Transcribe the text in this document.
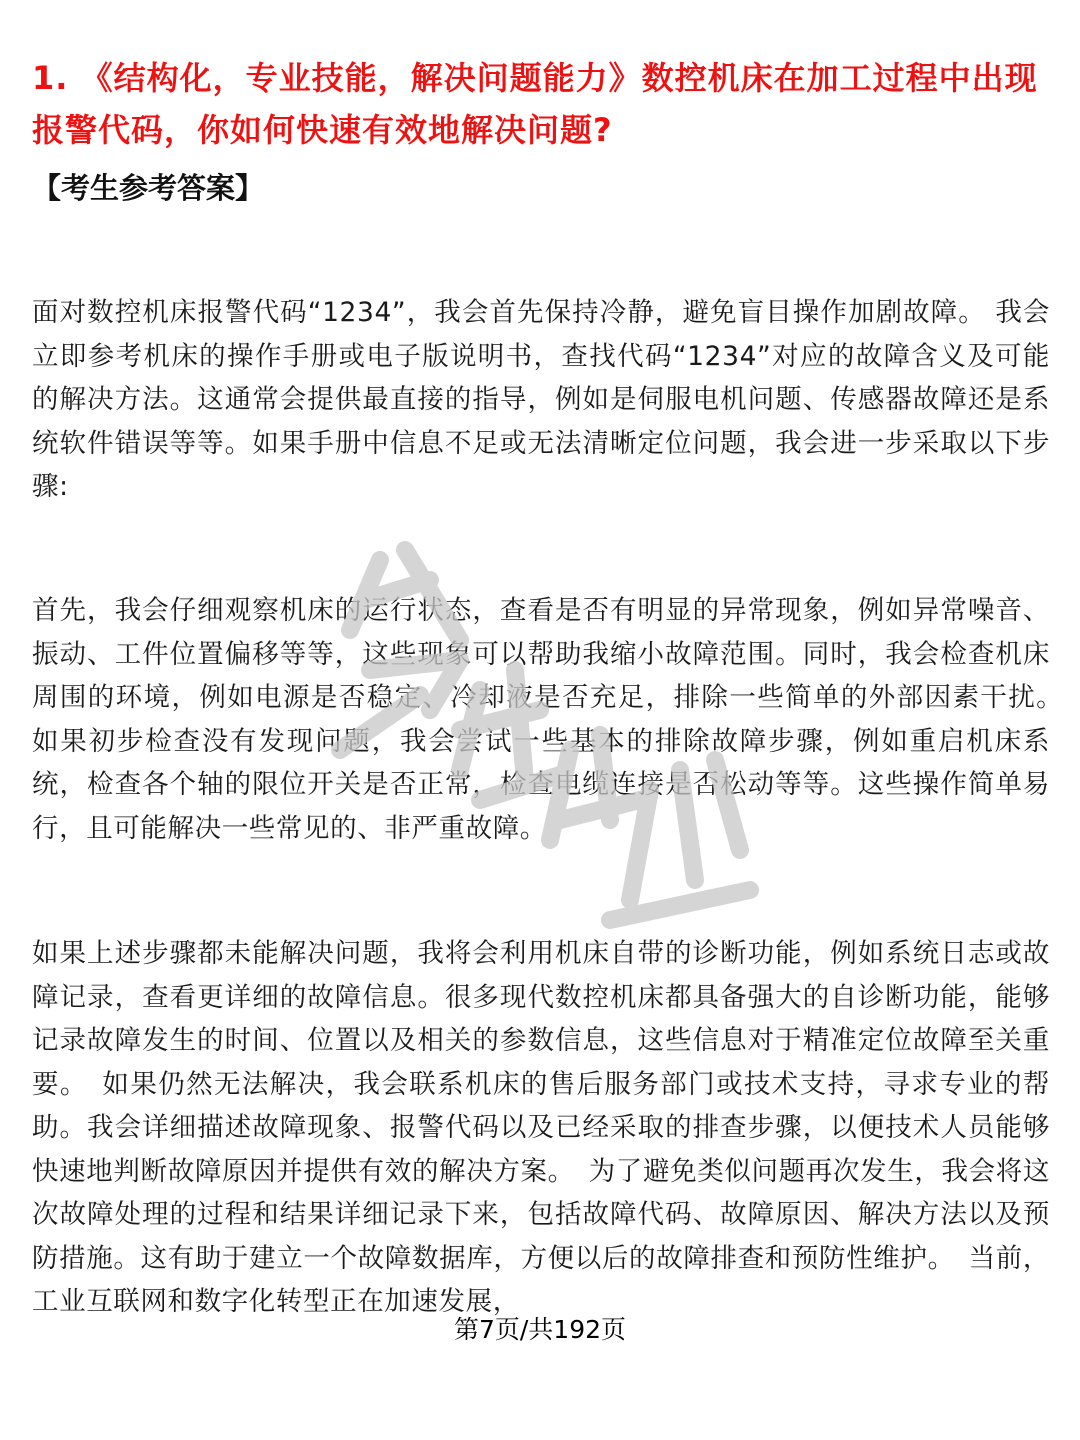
1. 《结构化，专业技能，解决问题能力》数控机床在加工过程中出现报警代码，你如何快速有效地解决问题?

【考生参考答案】

面对数控机床报警代码“1234”，我会首先保持冷静，避免盲目操作加剧故障。 我会立即参考机床的操作手册或电子版说明书，查找代码“1234”对应的故障含义及可能的解决方法。这通常会提供最直接的指导，例如是伺服电机问题、传感器故障还是系统软件错误等等。如果手册中信息不足或无法清晰定位问题，我会进一步采取以下步骤:

首先，我会仔细观察机床的运行状态，查看是否有明显的异常现象，例如异常噪音、振动、工件位置偏移等等，这些现象可以帮助我缩小故障范围。同时，我会检查机床周围的环境，例如电源是否稳定、冷却液是否充足，排除一些简单的外部因素干扰。　如果初步检查没有发现问题，我会尝试一些基本的排除故障步骤，例如重启机床系统，检查各个轴的限位开关是否正常，检查电缆连接是否松动等等。这些操作简单易行，且可能解决一些常见的、非严重故障。

如果上述步骤都未能解决问题，我将会利用机床自带的诊断功能，例如系统日志或故障记录，查看更详细的故障信息。很多现代数控机床都具备强大的自诊断功能，能够记录故障发生的时间、位置以及相关的参数信息，这些信息对于精准定位故障至关重要。　如果仍然无法解决，我会联系机床的售后服务部门或技术支持，寻求专业的帮助。我会详细描述故障现象、报警代码以及已经采取的排查步骤，以便技术人员能够快速地判断故障原因并提供有效的解决方案。　为了避免类似问题再次发生，我会将这次故障处理的过程和结果详细记录下来，包括故障代码、故障原因、解决方法以及预防措施。这有助于建立一个故障数据库，方便以后的故障排查和预防性维护。　当前，工业互联网和数字化转型正在加速发展，

第7页/共192页
